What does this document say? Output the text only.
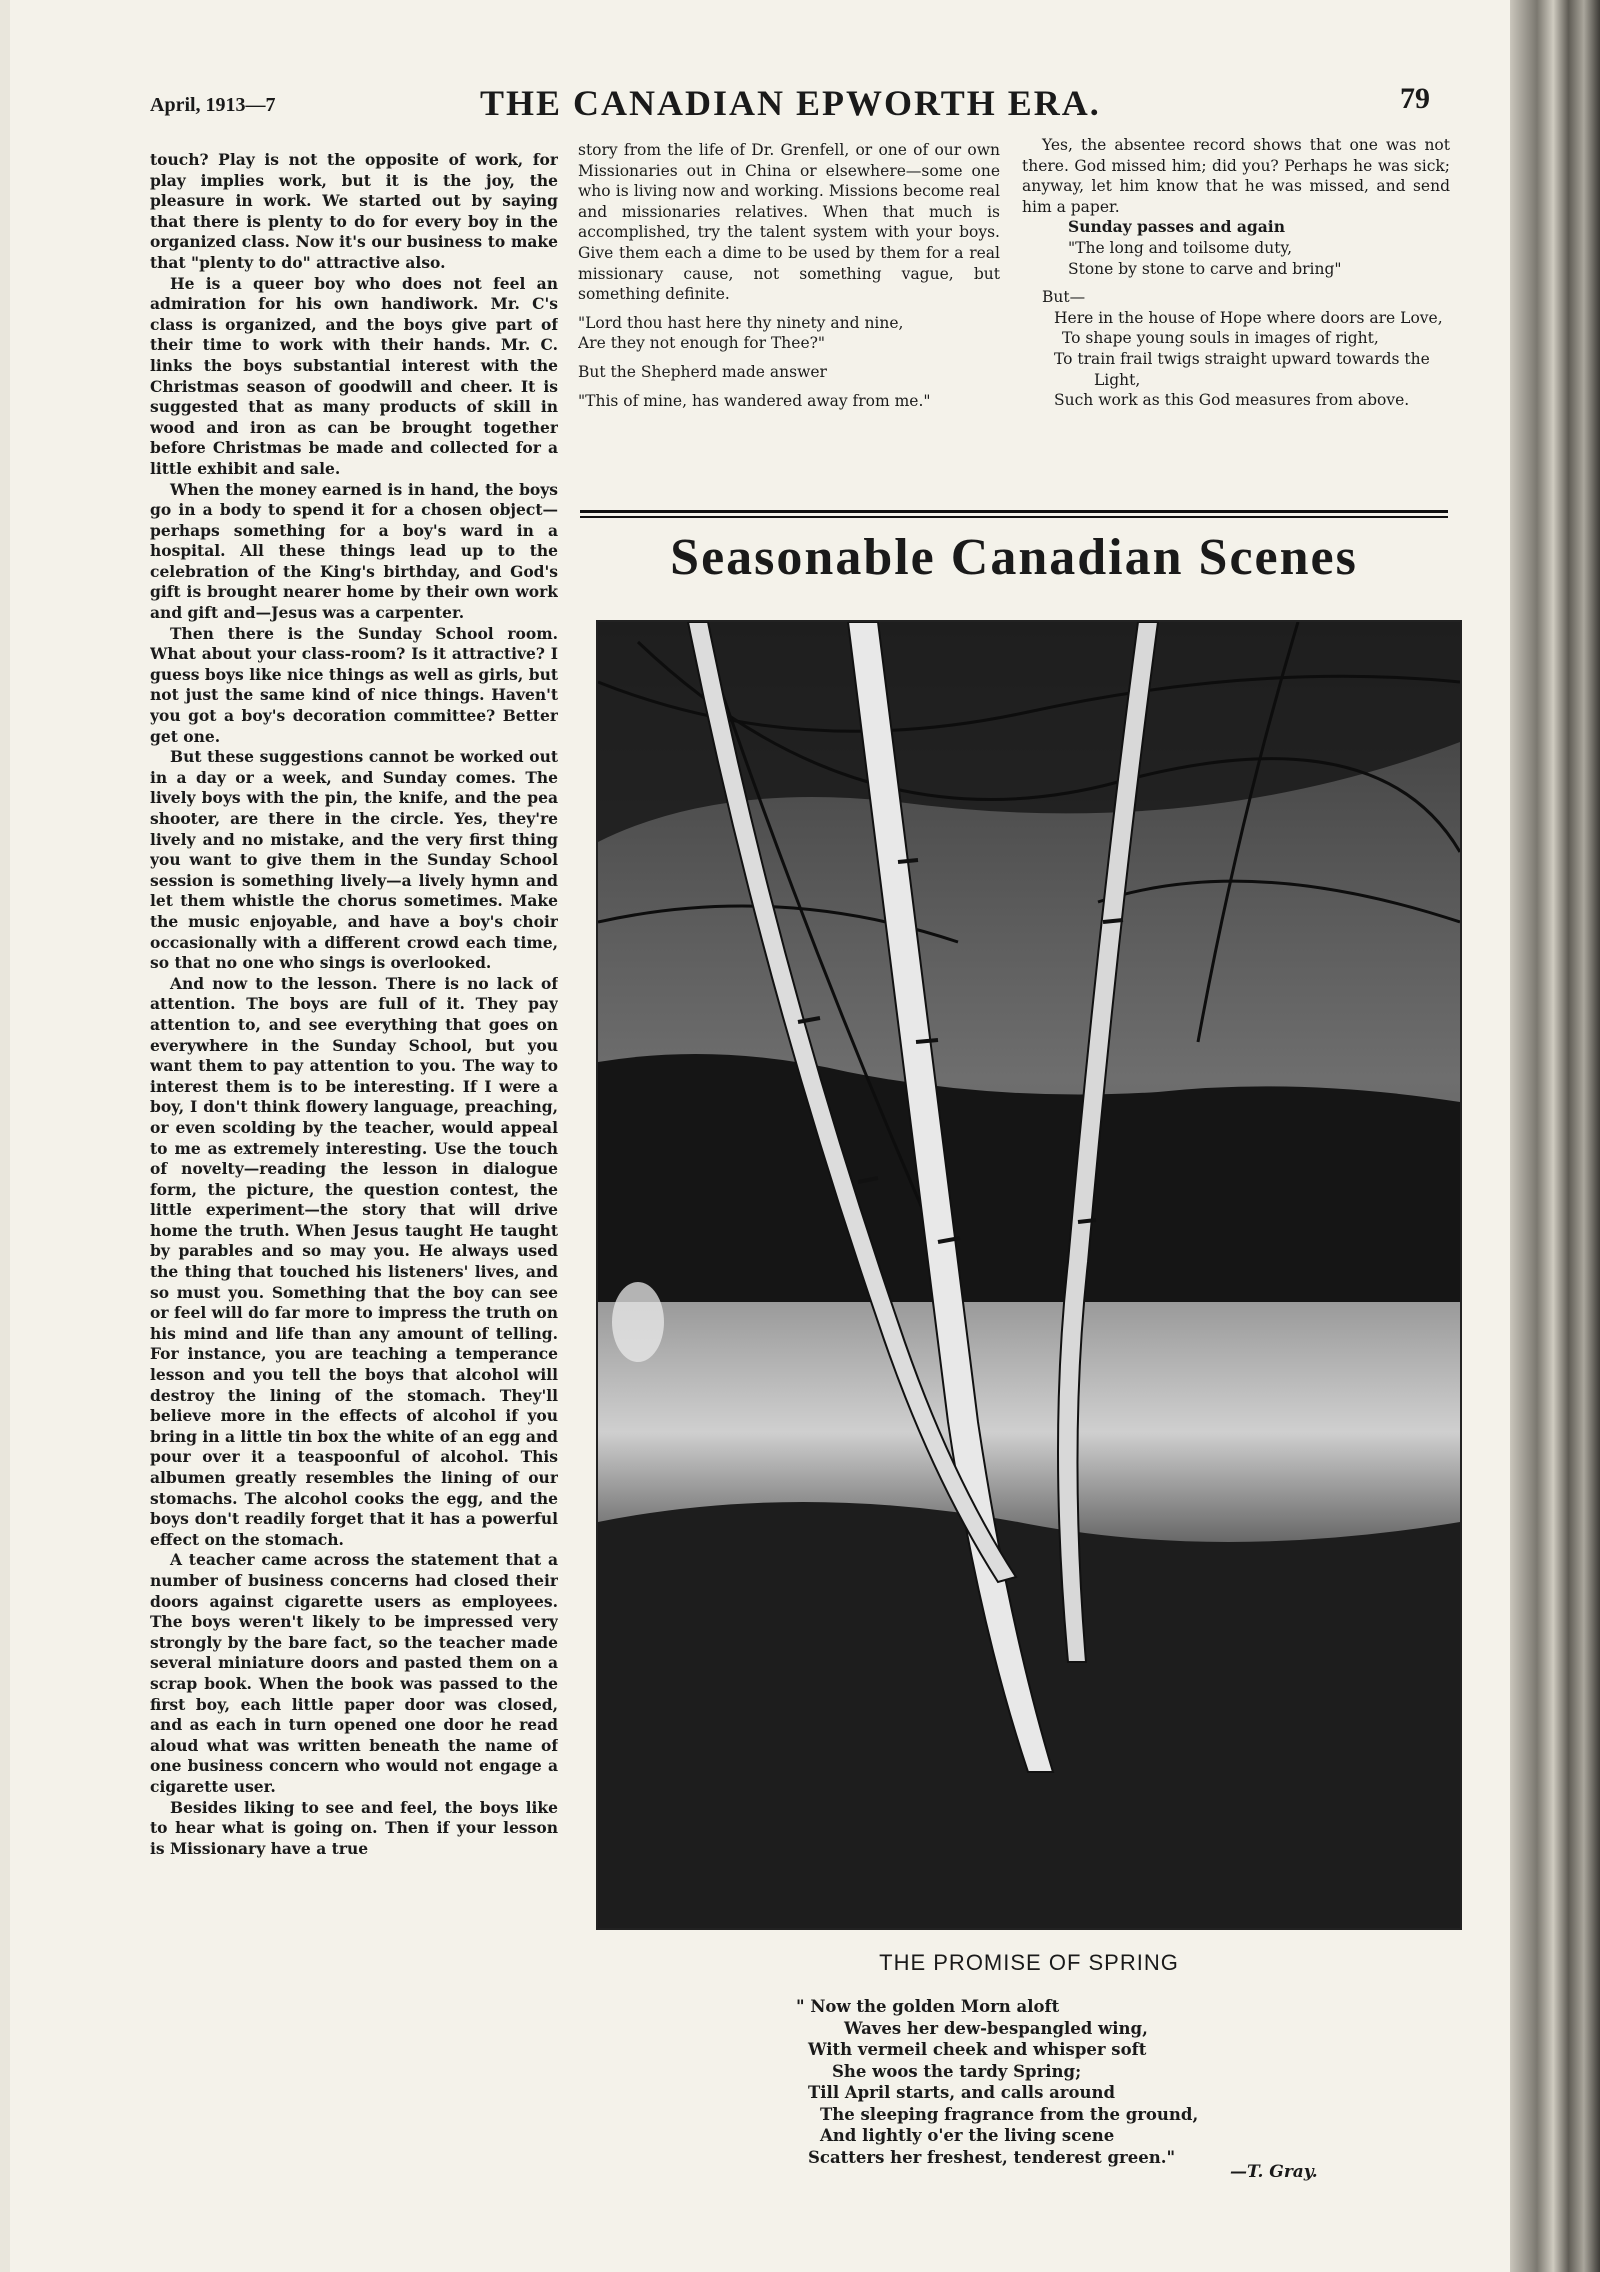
April, 1913—7	THE CANADIAN EPWORTH ERA.	79

touch? Play is not the opposite of work, for play implies work, but it is the joy, the pleasure in work. We started out by saying that there is plenty to do for every boy in the organized class. Now it's our business to make that "plenty to do" attractive also.

He is a queer boy who does not feel an admiration for his own handiwork. Mr. C's class is organized, and the boys give part of their time to work with their hands. Mr. C. links the boys substantial interest with the Christmas season of goodwill and cheer. It is suggested that as many products of skill in wood and iron as can be brought together before Christmas be made and collected for a little exhibit and sale.

When the money earned is in hand, the boys go in a body to spend it for a chosen object—perhaps something for a boy's ward in a hospital. All these things lead up to the celebration of the King's birthday, and God's gift is brought nearer home by their own work and gift and—Jesus was a carpenter.

Then there is the Sunday School room. What about your class-room? Is it attractive? I guess boys like nice things as well as girls, but not just the same kind of nice things. Haven't you got a boy's decoration committee? Better get one.

But these suggestions cannot be worked out in a day or a week, and Sunday comes. The lively boys with the pin, the knife, and the pea shooter, are there in the circle. Yes, they're lively and no mistake, and the very first thing you want to give them in the Sunday School session is something lively—a lively hymn and let them whistle the chorus sometimes. Make the music enjoyable, and have a boy's choir occasionally with a different crowd each time, so that no one who sings is overlooked.

And now to the lesson. There is no lack of attention. The boys are full of it. They pay attention to, and see everything that goes on everywhere in the Sunday School, but you want them to pay attention to you. The way to interest them is to be interesting. If I were a boy, I don't think flowery language, preaching, or even scolding by the teacher, would appeal to me as extremely interesting. Use the touch of novelty—reading the lesson in dialogue form, the picture, the question contest, the little experiment—the story that will drive home the truth. When Jesus taught He taught by parables and so may you. He always used the thing that touched his listeners' lives, and so must you. Something that the boy can see or feel will do far more to impress the truth on his mind and life than any amount of telling. For instance, you are teaching a temperance lesson and you tell the boys that alcohol will destroy the lining of the stomach. They'll believe more in the effects of alcohol if you bring in a little tin box the white of an egg and pour over it a teaspoonful of alcohol. This albumen greatly resembles the lining of our stomachs. The alcohol cooks the egg, and the boys don't readily forget that it has a powerful effect on the stomach.

A teacher came across the statement that a number of business concerns had closed their doors against cigarette users as employees. The boys weren't likely to be impressed very strongly by the bare fact, so the teacher made several miniature doors and pasted them on a scrap book. When the book was passed to the first boy, each little paper door was closed, and as each in turn opened one door he read aloud what was written beneath the name of one business concern who would not engage a cigarette user.

Besides liking to see and feel, the boys like to hear what is going on. Then if your lesson is Missionary have a true

story from the life of Dr. Grenfell, or one of our own Missionaries out in China or elsewhere—some one who is living now and working. Missions become real and missionaries relatives. When that much is accomplished, try the talent system with your boys. Give them each a dime to be used by them for a real missionary cause, not something vague, but something definite.

"Lord thou hast here thy ninety and nine,
Are they not enough for Thee?"

But the Shepherd made answer

"This of mine, has wandered away from me."

Yes, the absentee record shows that one was not there. God missed him; did you? Perhaps he was sick; anyway, let him know that he was missed, and send him a paper.

Sunday passes and again

"The long and toilsome duty,

Stone by stone to carve and bring"

But—

Here in the house of Hope where doors are Love,

To shape young souls in images of right,

To train frail twigs straight upward towards the Light,

Such work as this God measures from above.

Seasonable Canadian Scenes
THE PROMISE OF SPRING
" Now the golden Morn aloft
Waves her dew-bespangled wing,
With vermeil cheek and whisper soft
She woos the tardy Spring;
Till April starts, and calls around
The sleeping fragrance from the ground,
And lightly o'er the living scene
Scatters her freshest, tenderest green."
—T. Gray.
